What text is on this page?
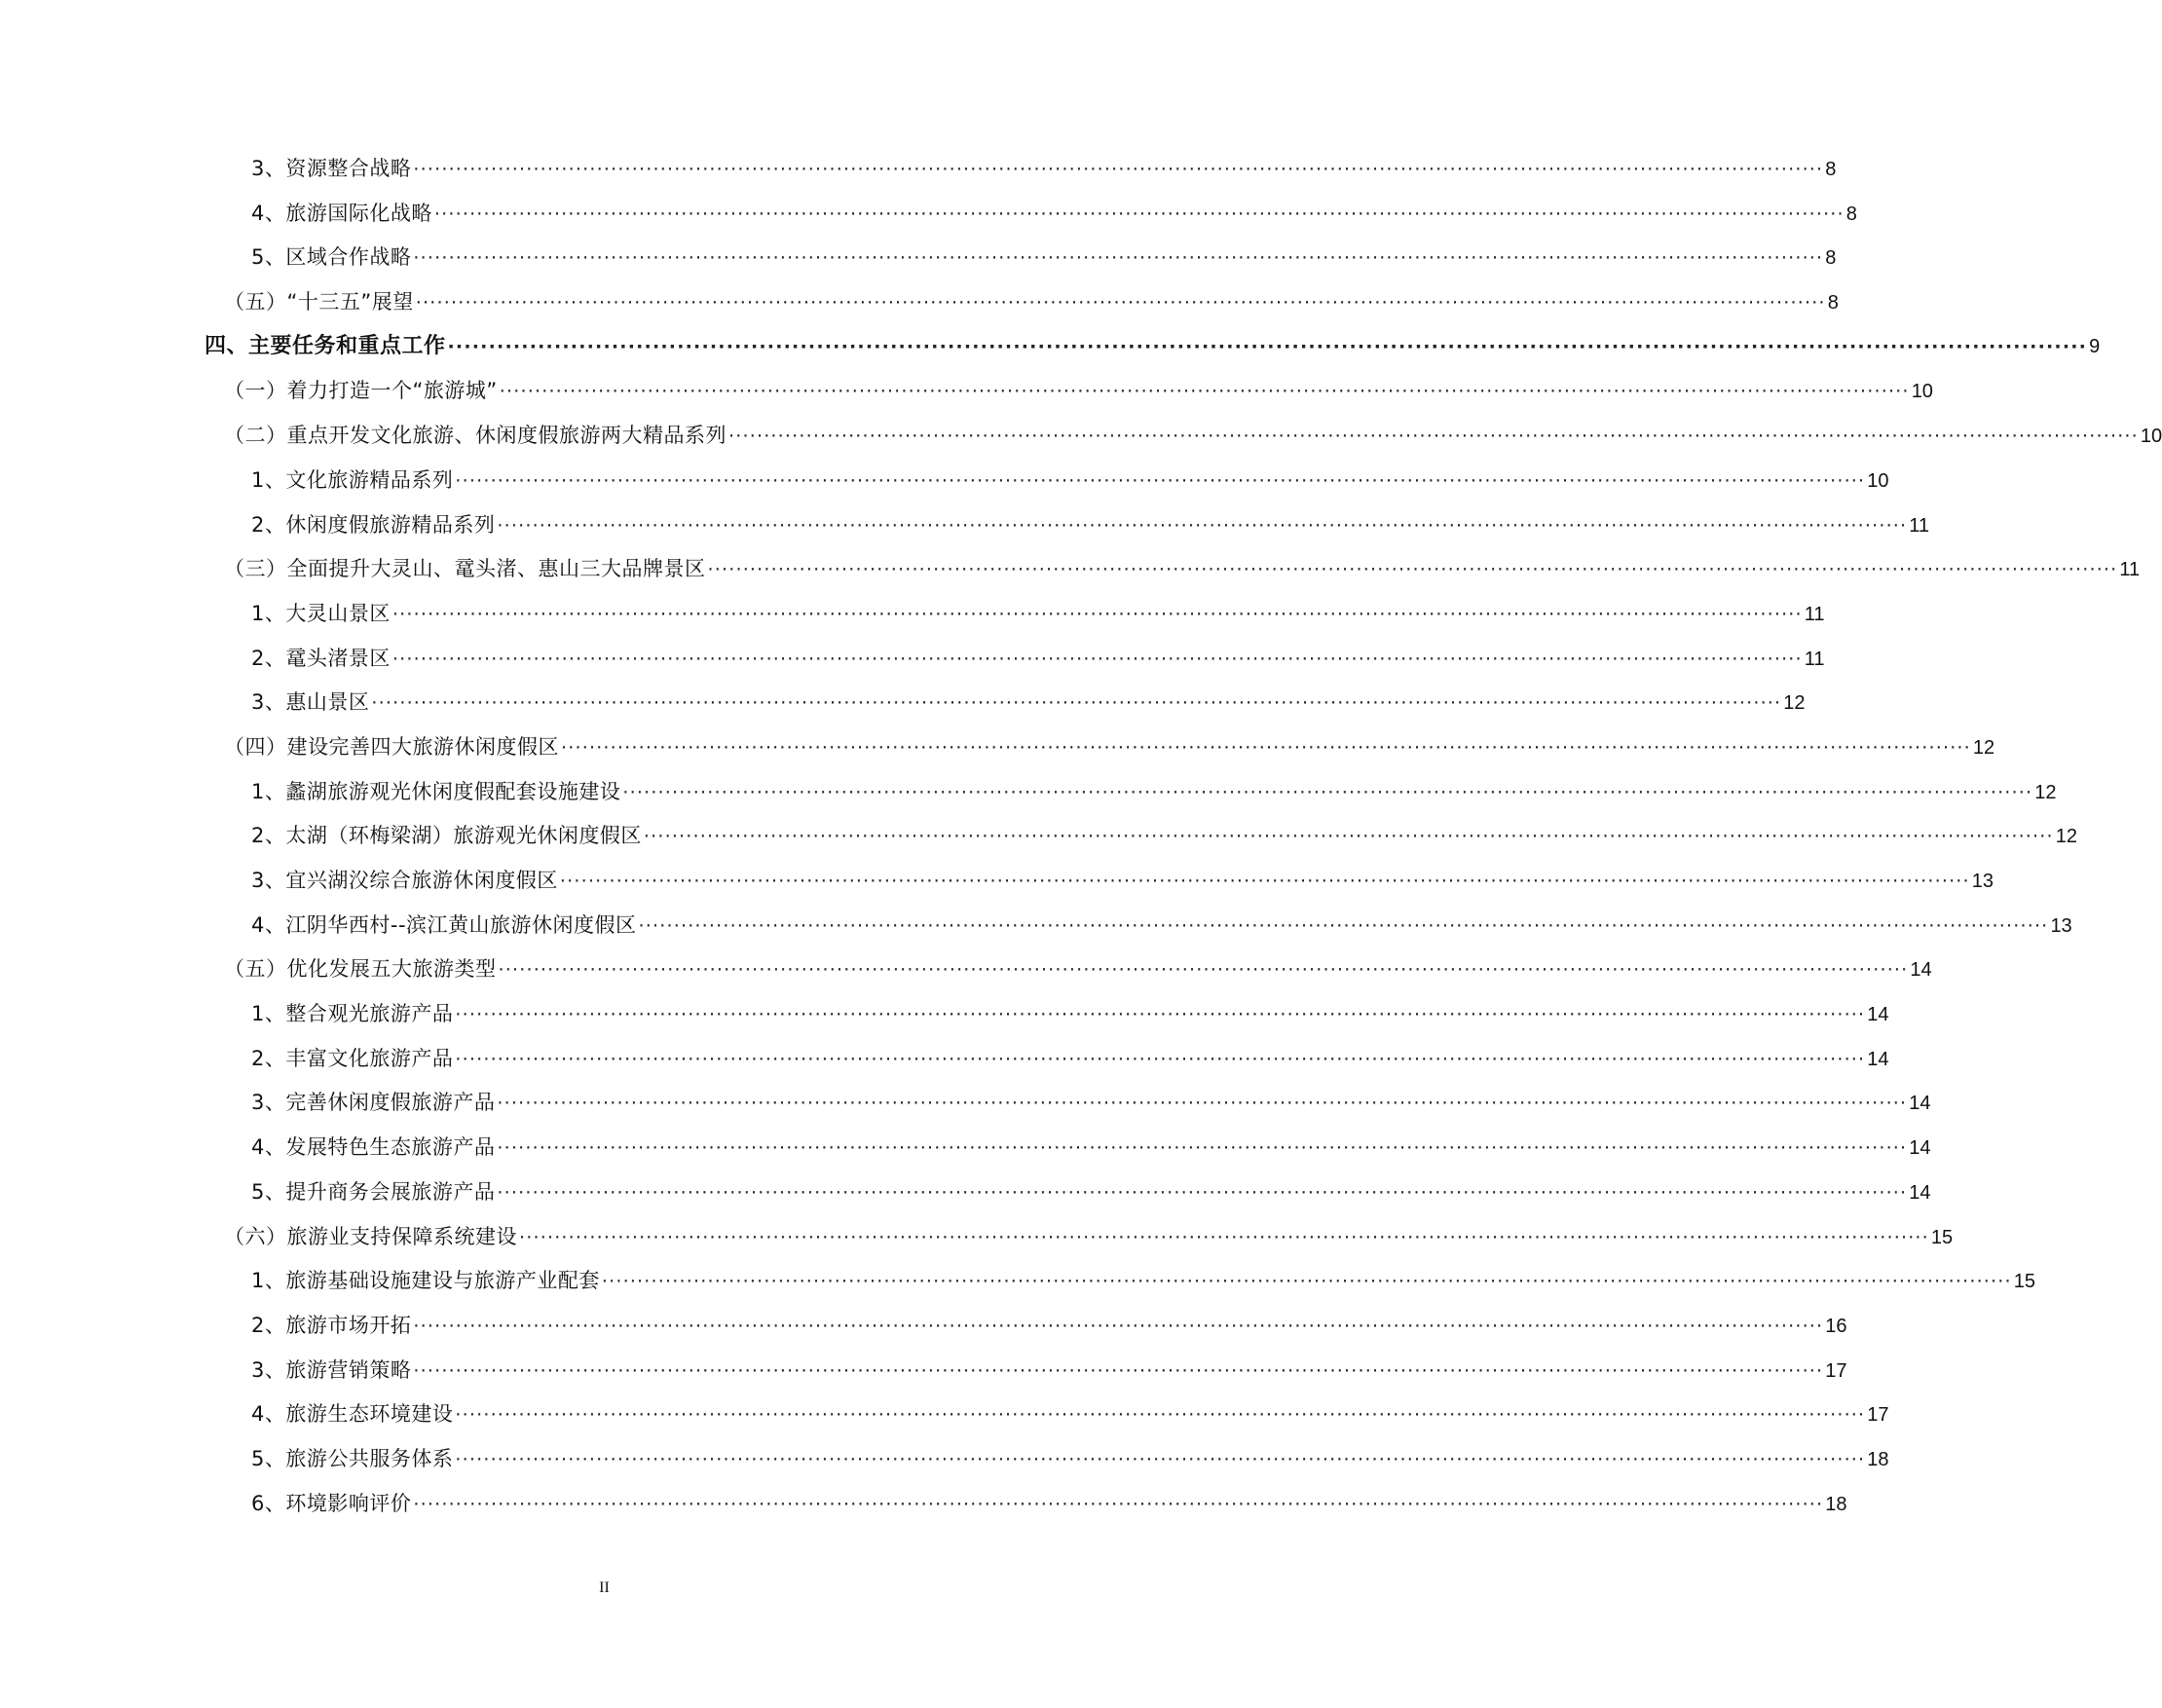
3、资源整合战略 ········································································································································································································ 8
4、旅游国际化战略 ········································································································································································································ 8
5、区域合作战略 ········································································································································································································ 8
（五）“十三五”展望 ········································································································································································································ 8
四、主要任务和重点工作 ········································································································································································································ 9
（一）着力打造一个“旅游城” ········································································································································································································ 10
（二）重点开发文化旅游、休闲度假旅游两大精品系列 ········································································································································································································ 10
1、文化旅游精品系列 ········································································································································································································ 10
2、休闲度假旅游精品系列 ········································································································································································································ 11
（三）全面提升大灵山、鼋头渚、惠山三大品牌景区 ········································································································································································································ 11
1、大灵山景区 ········································································································································································································ 11
2、鼋头渚景区 ········································································································································································································ 11
3、惠山景区 ········································································································································································································ 12
（四）建设完善四大旅游休闲度假区 ········································································································································································································ 12
1、蠡湖旅游观光休闲度假配套设施建设 ········································································································································································································ 12
2、太湖（环梅梁湖）旅游观光休闲度假区 ········································································································································································································ 12
3、宜兴湖㳇综合旅游休闲度假区 ········································································································································································································ 13
4、江阴华西村--滨江黄山旅游休闲度假区 ········································································································································································································ 13
（五）优化发展五大旅游类型 ········································································································································································································ 14
1、整合观光旅游产品 ········································································································································································································ 14
2、丰富文化旅游产品 ········································································································································································································ 14
3、完善休闲度假旅游产品 ········································································································································································································ 14
4、发展特色生态旅游产品 ········································································································································································································ 14
5、提升商务会展旅游产品 ········································································································································································································ 14
（六）旅游业支持保障系统建设 ········································································································································································································ 15
1、旅游基础设施建设与旅游产业配套 ········································································································································································································ 15
2、旅游市场开拓 ········································································································································································································ 16
3、旅游营销策略 ········································································································································································································ 17
4、旅游生态环境建设 ········································································································································································································ 17
5、旅游公共服务体系 ········································································································································································································ 18
6、环境影响评价 ········································································································································································································ 18
II
